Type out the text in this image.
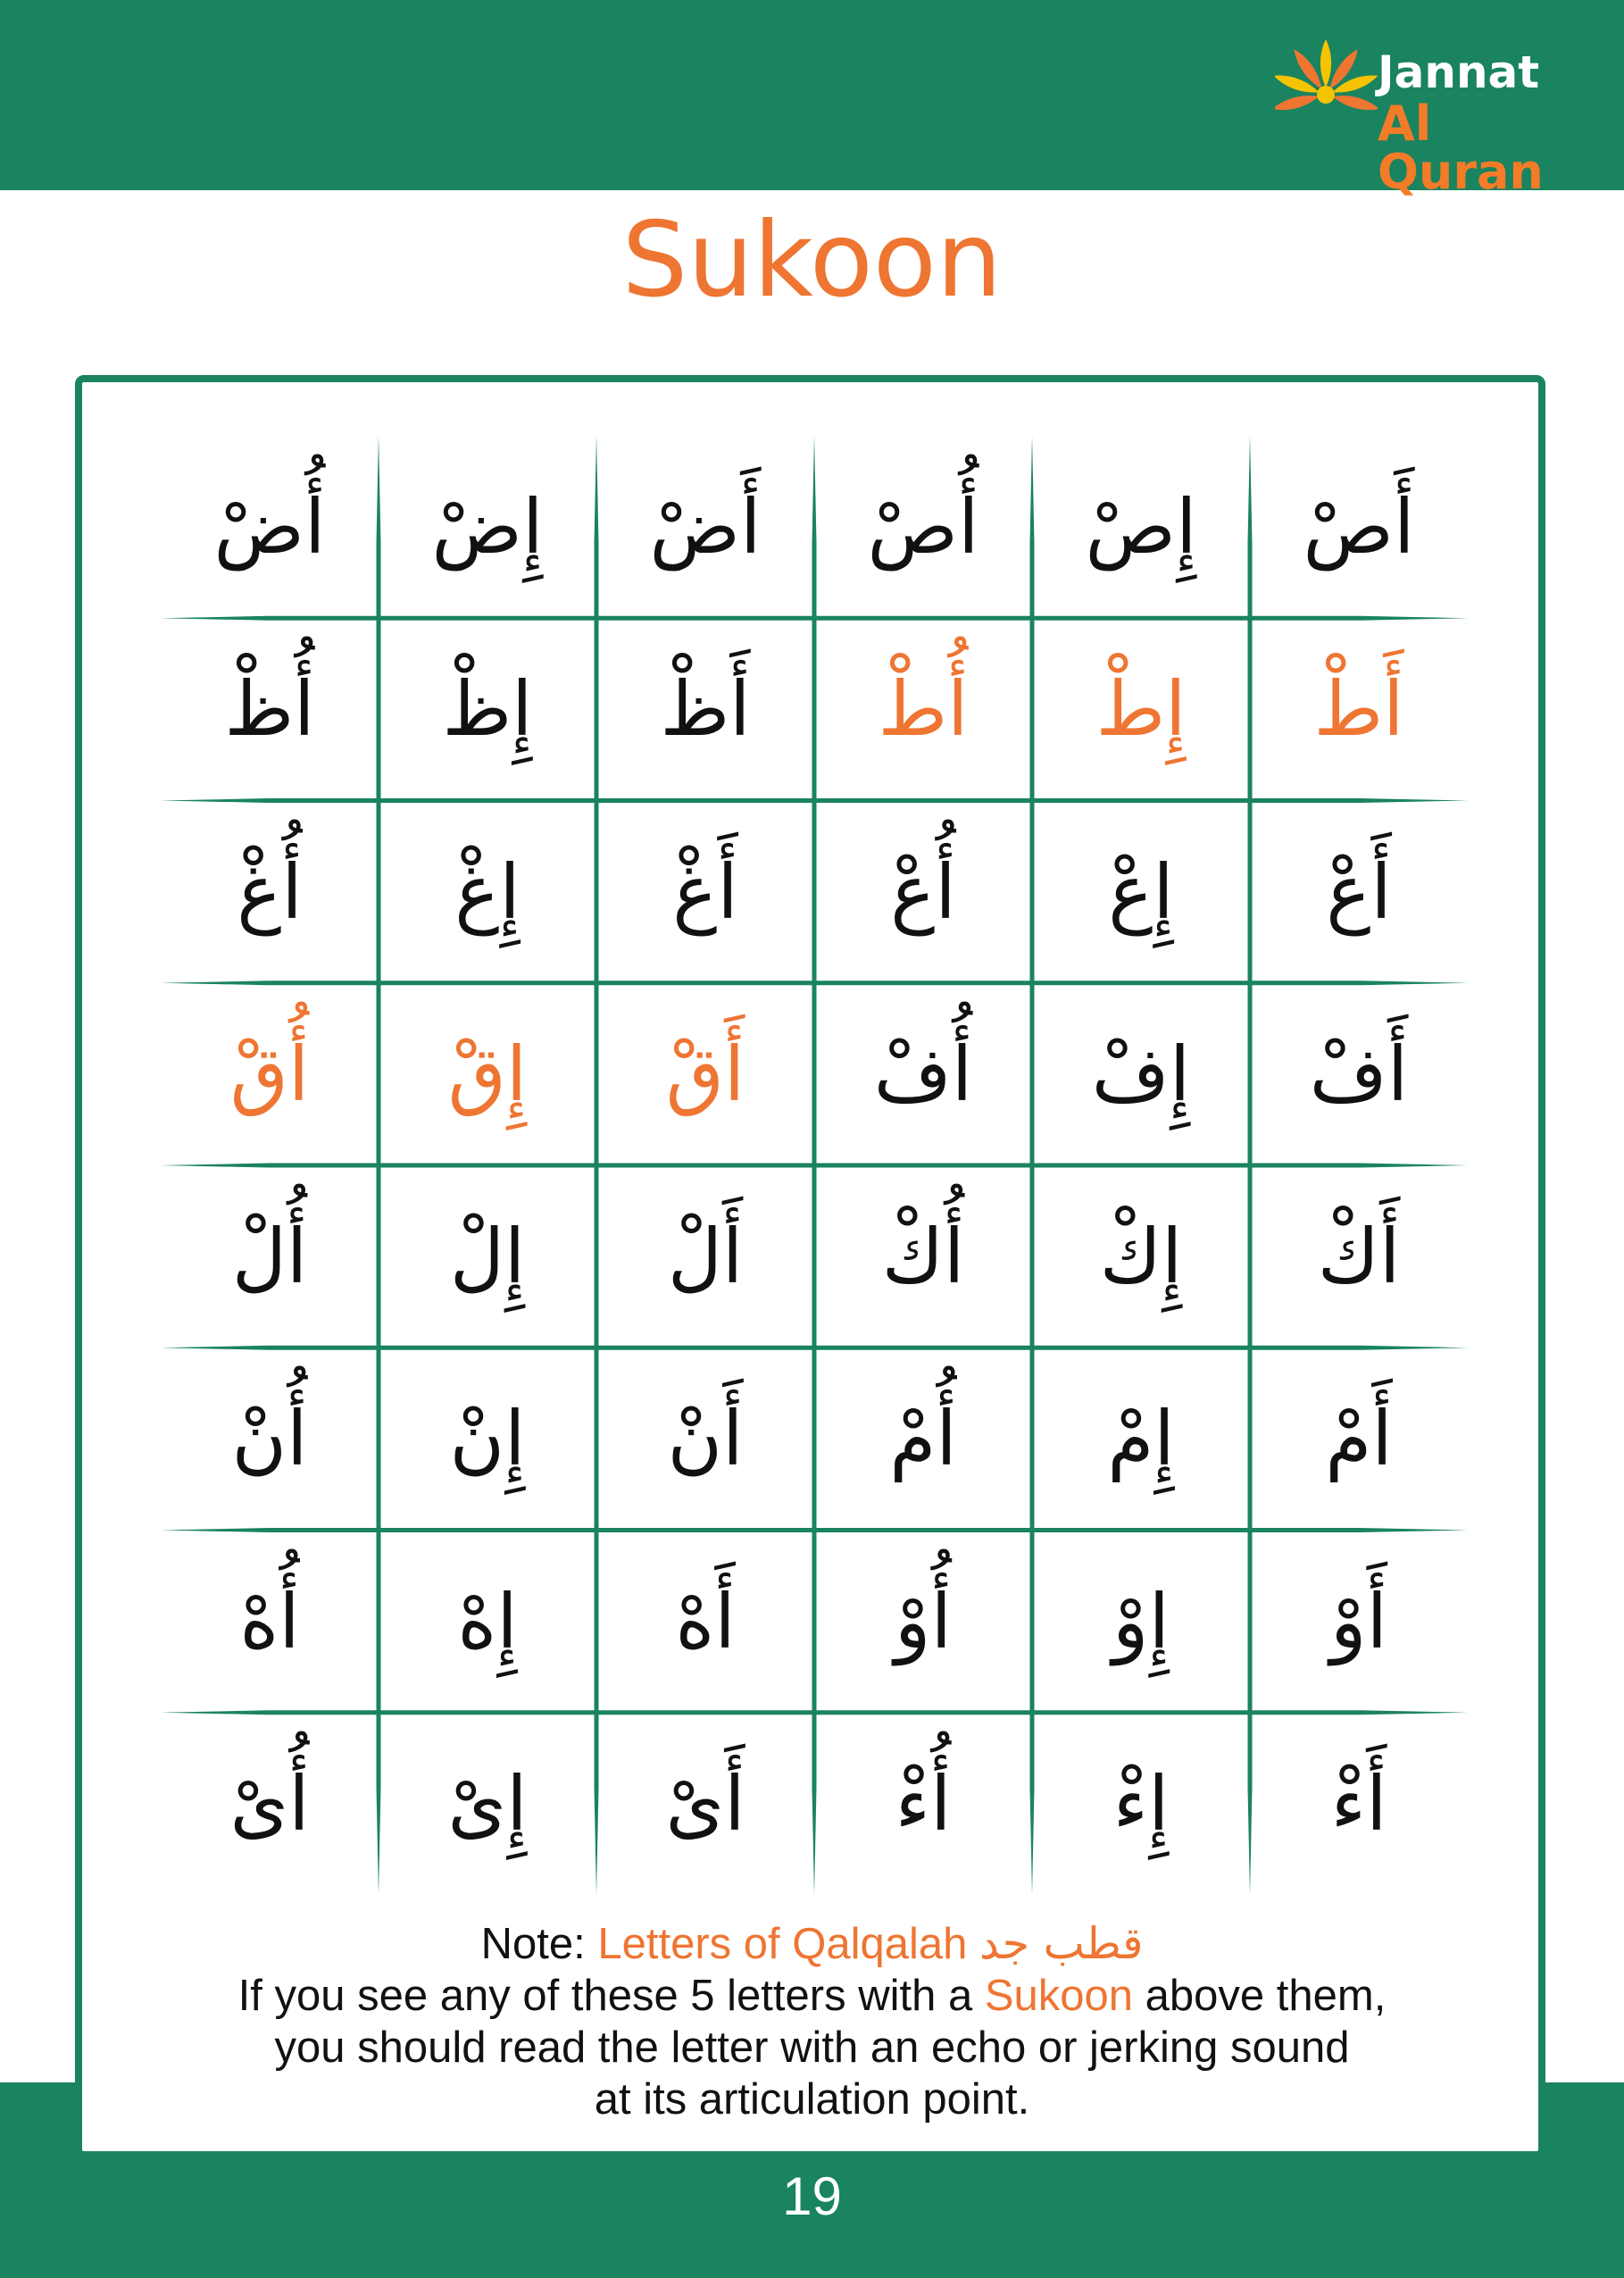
Jannat
Al Quran
Sukoon
أَصْ
إِصْ
أُصْ
أَضْ
إِضْ
أُضْ
أَطْ
إِطْ
أُطْ
أَظْ
إِظْ
أُظْ
أَعْ
إِعْ
أُعْ
أَغْ
إِغْ
أُغْ
أَفْ
إِفْ
أُفْ
أَقْ
إِقْ
أُقْ
أَكْ
إِكْ
أُكْ
أَلْ
إِلْ
أُلْ
أَمْ
إِمْ
أُمْ
أَنْ
إِنْ
أُنْ
أَوْ
إِوْ
أُوْ
أَهْ
إِهْ
أُهْ
أَءْ
إِءْ
أُءْ
أَىْ
إِىْ
أُىْ
Note: Letters of Qalqalah قطب جد
If you see any of these 5 letters with a Sukoon above them,
you should read the letter with an echo or jerking sound
at its articulation point.
19
